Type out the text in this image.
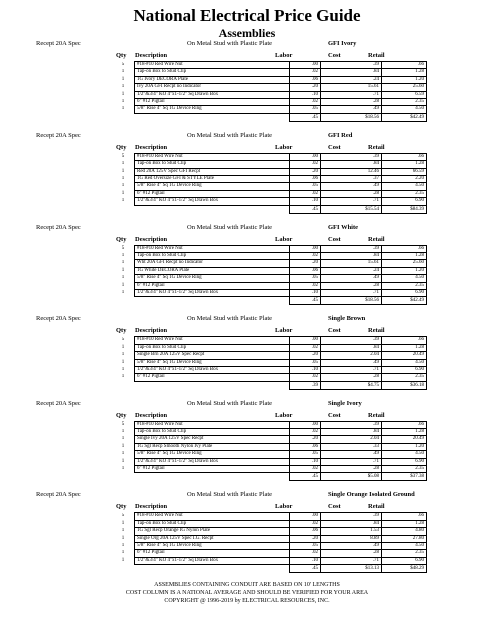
National Electrical Price Guide
Assemblies
Recept 20A Spec	On Metal Stud with Plastic Plate	GFI Ivory
Qty Description	Labor	Cost	Retail
5	#18-#10 Red Wire Nut	.00	.39	.66
1	Tap-on Box to Stud Clip	.02	.84	1.28
1	1G Ivory DECORA Plate	.06	.24	1.20
1	Ivy 20A GFI Recpt no Indicator	.20	15.61	25.60
1	1/2"&3/4" KO 4"x1-1/2" Sq Drawn Box	.10	.71	6.59
1	6" #12 Pigtail	.02	.28	2.35
1	5/8" Rise 4" Sq 1G Device Ring	.05	.49	4.50
		.45	$18.56	$42.49
Recept 20A Spec	On Metal Stud with Plastic Plate	GFI Red
Qty Description	Labor	Cost	Retail
5	#18-#10 Red Wire Nut	.00	.39	.66
1	Tap-on Box to Stud Clip	.02	.84	1.28
1	Red 20A 125V Spec GFI Recpt	.20	12.46	66.59
1	1G Red Oversize GFI & STYLE Plate	.06	.37	2.20
1	5/8" Rise 4" Sq 1G Device Ring	.05	.49	4.50
1	6" #12 Pigtail	.02	.28	2.35
1	1/2"&3/4" KO 4"x1-1/2" Sq Drawn Box	.10	.71	6.90
		.45	$15.54	$84.39
Recept 20A Spec	On Metal Stud with Plastic Plate	GFI White
Qty Description	Labor	Cost	Retail
5	#18-#10 Red Wire Nut	.00	.39	.66
1	Tap-on Box to Stud Clip	.02	.84	1.28
1	Wht 20A GFI Recpt no Indicator	.20	15.61	25.60
1	1G White DECORA Plate	.06	.24	1.20
1	5/8" Rise 4" Sq 1G Device Ring	.05	.49	4.50
1	6" #12 Pigtail	.02	.28	2.35
1	1/2"&3/4" KO 4"x1-1/2" Sq Drawn Box	.10	.71	6.90
		.45	$18.56	$42.49
Recept 20A Spec	On Metal Stud with Plastic Plate	Single Brown
Qty Description	Labor	Cost	Retail
5	#18-#10 Red Wire Nut	.00	.39	.66
1	Tap-on Box to Stud Clip	.02	.84	1.28
1	Single Brn 20A 125V Spec Recpt	.20	2.04	20.49
1	5/8" Rise 4" Sq 1G Device Ring	.05	.49	4.50
1	1/2"&3/4" KO 4"x1-1/2" Sq Drawn Box	.10	.71	6.90
1	6" #12 Pigtail	.02	.28	2.35
		.39	$4.75	$36.18
Recept 20A Spec	On Metal Stud with Plastic Plate	Single Ivory
Qty Description	Labor	Cost	Retail
5	#18-#10 Red Wire Nut	.00	.39	.66
1	Tap-on Box to Stud Clip	.02	.84	1.28
1	Single Ivy 20A 125V Spec Recpt	.20	2.04	20.49
1	1G Sgl Recp Smooth Nylon Ivy Plate	.06	.33	1.20
1	5/8" Rise 4" Sq 1G Device Ring	.05	.49	4.50
1	1/2"&3/4" KO 4"x1-1/2" Sq Drawn Box	.10	.71	6.90
1	6" #12 Pigtail	.02	.28	2.35
		.45	$5.08	$37.38
Recept 20A Spec	On Metal Stud with Plastic Plate	Single Orange Isolated Ground
Qty Description	Labor	Cost	Retail
5	#18-#10 Red Wire Nut	.00	.39	.66
1	Tap-on Box to Stud Clip	.02	.84	1.28
1	1G Sgl Recp Orange IG Nylon Plate	.06	1.53	4.80
1	Single Org 20A 125V Spec I.G. Recpt	.20	8.89	27.80
1	5/8" Rise 4" Sq 1G Device Ring	.05	.49	4.50
1	6" #12 Pigtail	.02	.28	2.35
1	1/2"&3/4" KO 4"x1-1/2" Sq Drawn Box	.10	.71	6.90
		.45	$13.13	$48.29
ASSEMBLIES CONTAINING CONDUIT ARE BASED ON 10' LENGTHS
COST COLUMN IS A NATIONAL AVERAGE AND SHOULD BE VERIFIED FOR YOUR AREA
COPYRIGHT @ 1996-2019 by ELECTRICAL RESOURCES, INC.
